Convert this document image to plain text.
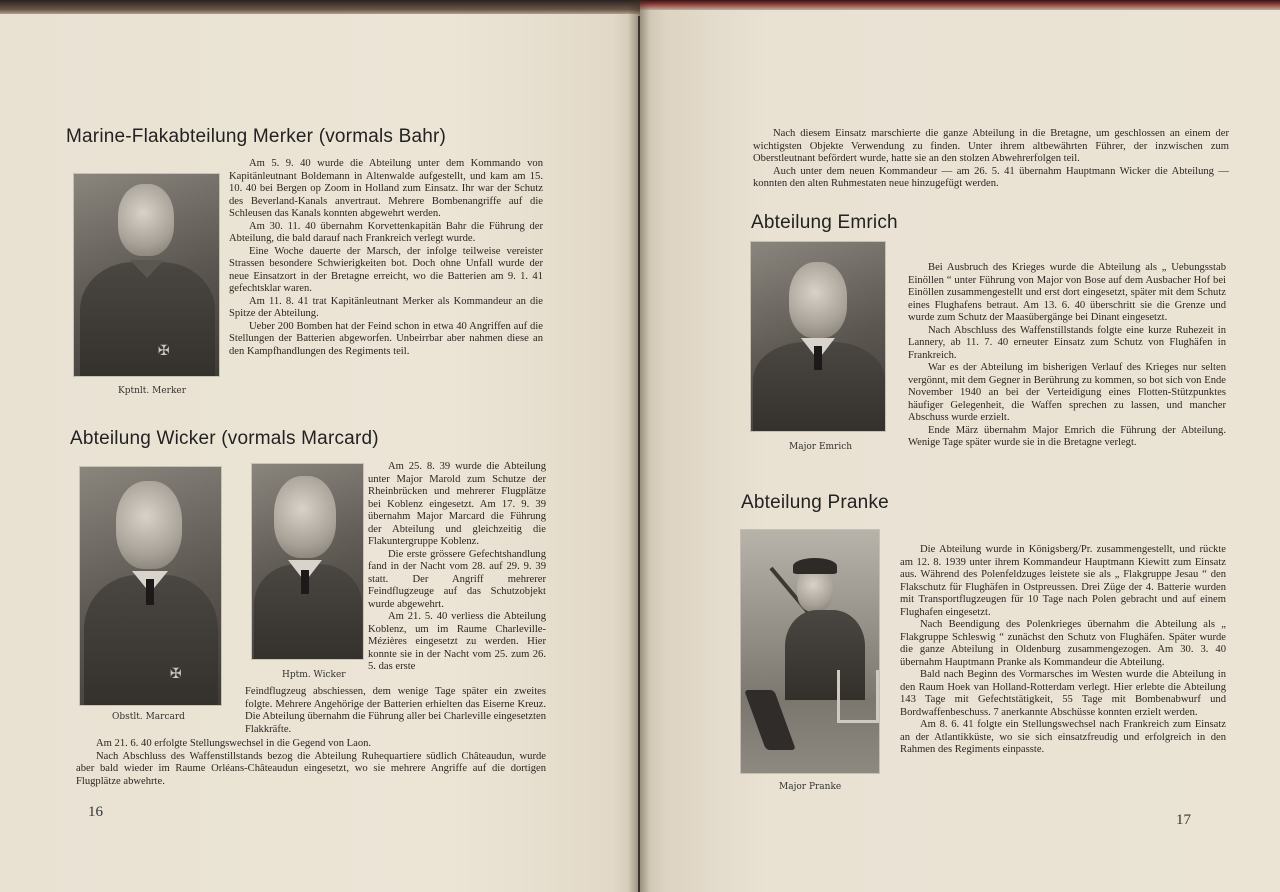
Marine-Flakabteilung Merker (vormals Bahr)
✠
Kptnlt. Merker

Am 5. 9. 40 wurde die Abteilung unter dem Kommando von Kapitänleutnant Boldemann in Altenwalde aufgestellt, und kam am 15. 10. 40 bei Bergen op Zoom in Holland zum Einsatz. Ihr war der Schutz des Beverland-Kanals anvertraut. Mehrere Bombenangriffe auf die Schleusen das Kanals konnten abgewehrt werden.

Am 30. 11. 40 übernahm Korvettenkapitän Bahr die Führung der Abteilung, die bald darauf nach Frankreich verlegt wurde.

Eine Woche dauerte der Marsch, der infolge teilweise vereister Strassen besondere Schwierigkeiten bot. Doch ohne Unfall wurde der neue Einsatzort in der Bretagne erreicht, wo die Batterien am 9. 1. 41 gefechtsklar waren.

Am 11. 8. 41 trat Kapitänleutnant Merker als Kommandeur an die Spitze der Abteilung.

Ueber 200 Bomben hat der Feind schon in etwa 40 Angriffen auf die Stellungen der Batterien abgeworfen. Unbeirrbar aber nahmen diese an den Kampfhandlungen des Regiments teil.

Abteilung Wicker (vormals Marcard)
✠
Obstlt. Marcard
Hptm. Wicker

Am 25. 8. 39 wurde die Abteilung unter Major Marold zum Schutze der Rheinbrücken und mehrerer Flugplätze bei Koblenz eingesetzt. Am 17. 9. 39 übernahm Major Marcard die Führung der Abteilung und gleichzeitig die Flakuntergruppe Koblenz.

Die erste grössere Gefechtshandlung fand in der Nacht vom 28. auf 29. 9. 39 statt. Der Angriff mehrerer Feindflugzeuge auf das Schutzobjekt wurde abgewehrt.

Am 21. 5. 40 verliess die Abteilung Koblenz, um im Raume Charleville-Mézières eingesetzt zu werden. Hier konnte sie in der Nacht vom 25. zum 26. 5. das erste

Feindflugzeug abschiessen, dem wenige Tage später ein zweites folgte. Mehrere Angehörige der Batterien erhielten das Eiserne Kreuz. Die Abteilung übernahm die Führung aller bei Charleville eingesetzten Flakkräfte.

Am 21. 6. 40 erfolgte Stellungswechsel in die Gegend von Laon.

Nach Abschluss des Waffenstillstands bezog die Abteilung Ruhequartiere südlich Châteaudun, wurde aber bald wieder im Raume Orléans-Châteaudun eingesetzt, wo sie mehrere Angriffe auf die dortigen Flugplätze abwehrte.

16

Nach diesem Einsatz marschierte die ganze Abteilung in die Bretagne, um geschlossen an einem der wichtigsten Objekte Verwendung zu finden. Unter ihrem altbewährten Führer, der inzwischen zum Oberstleutnant befördert wurde, hatte sie an den stolzen Abwehrerfolgen teil.

Auch unter dem neuen Kommandeur — am 26. 5. 41 übernahm Hauptmann Wicker die Abteilung — konnten den alten Ruhmestaten neue hinzugefügt werden.

Abteilung Emrich
Major Emrich

Bei Ausbruch des Krieges wurde die Abteilung als „ Uebungsstab Einöllen “ unter Führung von Major von Bose auf dem Ausbacher Hof bei Einöllen zusammengestellt und erst dort eingesetzt, später mit dem Schutz eines Flughafens betraut. Am 13. 6. 40 überschritt sie die Grenze und wurde zum Schutz der Maasübergänge bei Dinant eingesetzt.

Nach Abschluss des Waffenstillstands folgte eine kurze Ruhezeit in Lannery, ab 11. 7. 40 erneuter Einsatz zum Schutz von Flughäfen in Frankreich.

War es der Abteilung im bisherigen Verlauf des Krieges nur selten vergönnt, mit dem Gegner in Berührung zu kommen, so bot sich von Ende November 1940 an bei der Verteidigung eines Flotten-Stützpunktes häufiger Gelegenheit, die Waffen sprechen zu lassen, und mancher Abschuss wurde erzielt.

Ende März übernahm Major Emrich die Führung der Abteilung. Wenige Tage später wurde sie in die Bretagne verlegt.

Abteilung Pranke
Major Pranke

Die Abteilung wurde in Königsberg/Pr. zusammengestellt, und rückte am 12. 8. 1939 unter ihrem Kommandeur Hauptmann Kiewitt zum Einsatz aus. Während des Polenfeldzuges leistete sie als „ Flakgruppe Jesau “ den Flakschutz für Flughäfen in Ostpreussen. Drei Züge der 4. Batterie wurden mit Transportflugzeugen für 10 Tage nach Polen gebracht und auf einem Flughafen eingesetzt.

Nach Beendigung des Polenkrieges übernahm die Abteilung als „ Flakgruppe Schleswig “ zunächst den Schutz von Flughäfen. Später wurde die ganze Abteilung in Oldenburg zusammengezogen. Am 30. 3. 40 übernahm Hauptmann Pranke als Kommandeur die Abteilung.

Bald nach Beginn des Vormarsches im Westen wurde die Abteilung in den Raum Hoek van Holland-Rotterdam verlegt. Hier erlebte die Abteilung 143 Tage mit Gefechtstätigkeit, 55 Tage mit Bombenabwurf und Bordwaffenbeschuss. 7 anerkannte Abschüsse konnten erzielt werden.

Am 8. 6. 41 folgte ein Stellungswechsel nach Frankreich zum Einsatz an der Atlantikküste, wo sie sich einsatzfreudig und erfolgreich in den Rahmen des Regiments einpasste.

17
